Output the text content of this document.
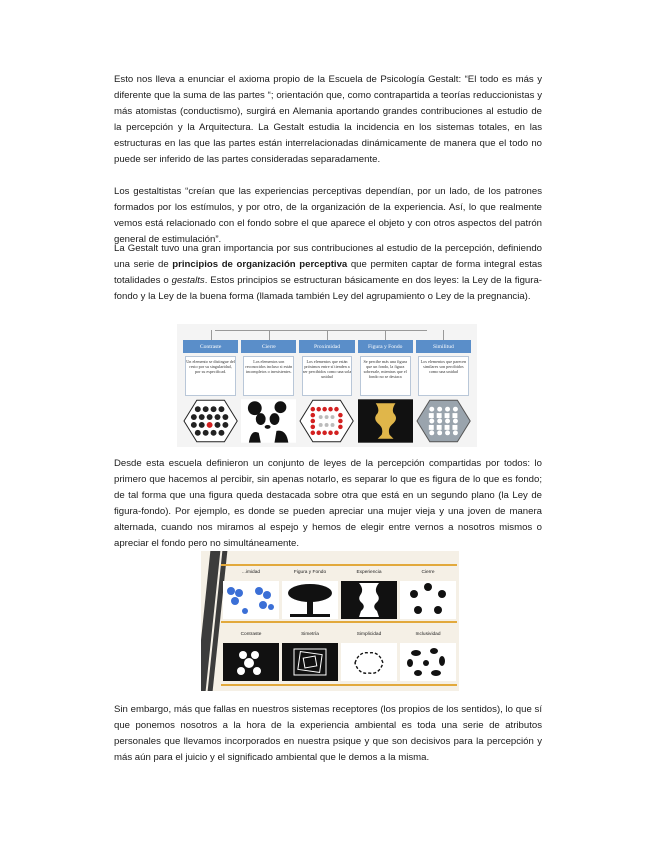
Esto nos lleva a enunciar el axioma propio de la Escuela de Psicología Gestalt: “El todo es más y diferente que la suma de las partes “; orientación que, como contrapartida a teorías reduccionistas y más atomistas (conductismo), surgirá en Alemania aportando grandes contribuciones al estudio de la percepción y la Arquitectura. La Gestalt estudia la incidencia en los sistemas totales, en las estructuras en las que las partes están interrelacionadas dinámicamente de manera que el todo no puede ser inferido de las partes consideradas separadamente.

Los gestaltistas “creían que las experiencias perceptivas dependían, por un lado, de los patrones formados por los estímulos, y por otro, de la organización de la experiencia. Así, lo que realmente vemos está relacionado con el fondo sobre el que aparece el objeto y con otros aspectos del patrón general de estimulación”.

La Gestalt tuvo una gran importancia por sus contribuciones al estudio de la percepción, definiendo una serie de principios de organización perceptiva que permiten captar de forma integral estas totalidades o gestalts. Estos principios se estructuran básicamente en dos leyes: la Ley de la figura-fondo y la Ley de la buena forma (llamada también Ley del agrupamiento o Ley de la pregnancia).

Contraste
Un elemento se distingue del resto por su singularidad, por su especificad.
Cierre
Los elementos son reconocidos incluso si están incompletos o inexistentes.
Proximidad
Los elementos que están próximos entre sí tienden a ser percibidos como una sola unidad
Figura y Fondo
Se percibe más una figura que un fondo, la figura sobresale, mientras que el fondo no se destaca
Similitud
Los elementos que parecen similares son percibidos como una unidad

Desde esta escuela definieron un conjunto de leyes de la percepción compartidas por todos: lo primero que hacemos al percibir, sin apenas notarlo, es separar lo que es figura de lo que es fondo; de tal forma que una figura queda destacada sobre otra que está en un segundo plano (la Ley de figura-fondo). Por ejemplo, es donde se pueden apreciar una mujer vieja y una joven de manera alternada, cuando nos miramos al espejo y hemos de elegir entre vernos a nosotros mismos o apreciar el fondo pero no simultáneamente.

...imidad	Figura y Fondo	Experiencia	Cierre
Contraste	Simetría	Simplicidad	Inclusividad

Sin embargo, más que fallas en nuestros sistemas receptores (los propios de los sentidos), lo que sí que ponemos nosotros a la hora de la experiencia ambiental es toda una serie de atributos personales que llevamos incorporados en nuestra psique y que son decisivos para la percepción y más aún para el juicio y el significado ambiental que le demos a la misma.
